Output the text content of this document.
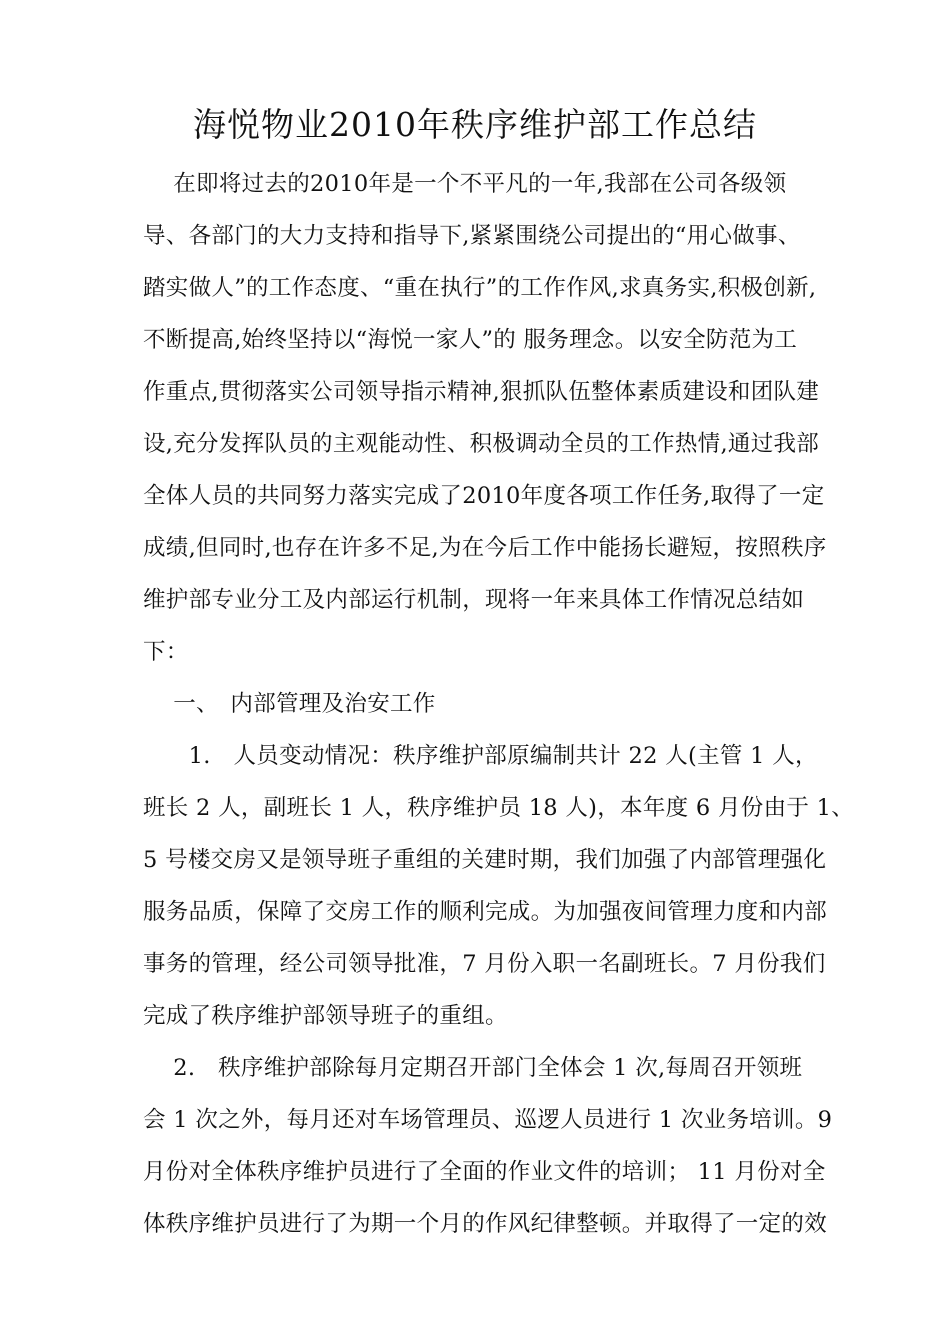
海悦物业2010年秩序维护部工作总结
　 在即将过去的2010年是一个不平凡的一年,我部在公司各级领
导、各部门的大力支持和指导下,紧紧围绕公司提出的“用心做事、
踏实做人”的工作态度、“重在执行”的工作作风,求真务实,积极创新,
不断提高,始终坚持以“海悦一家人”的 服务理念。以安全防范为工
作重点,贯彻落实公司领导指示精神,狠抓队伍整体素质建设和团队建
设,充分发挥队员的主观能动性、积极调动全员的工作热情,通过我部
全体人员的共同努力落实完成了2010年度各项工作任务,取得了一定
成绩,但同时,也存在许多不足,为在今后工作中能扬长避短，按照秩序
维护部专业分工及内部运行机制，现将一年来具体工作情况总结如
下：
　 一、　内部管理及治安工作
　　1.　人员变动情况：秩序维护部原编制共计 22 人(主管 1 人，
班长 2 人，副班长 1 人，秩序维护员 18 人)，本年度 6 月份由于 1、
5 号楼交房又是领导班子重组的关建时期，我们加强了内部管理强化
服务品质，保障了交房工作的顺利完成。为加强夜间管理力度和内部
事务的管理，经公司领导批准，7 月份入职一名副班长。7 月份我们
完成了秩序维护部领导班子的重组。
　 2.　秩序维护部除每月定期召开部门全体会 1 次,每周召开领班
会 1 次之外，每月还对车场管理员、巡逻人员进行 1 次业务培训。9
月份对全体秩序维护员进行了全面的作业文件的培训； 11 月份对全
体秩序维护员进行了为期一个月的作风纪律整顿。并取得了一定的效
